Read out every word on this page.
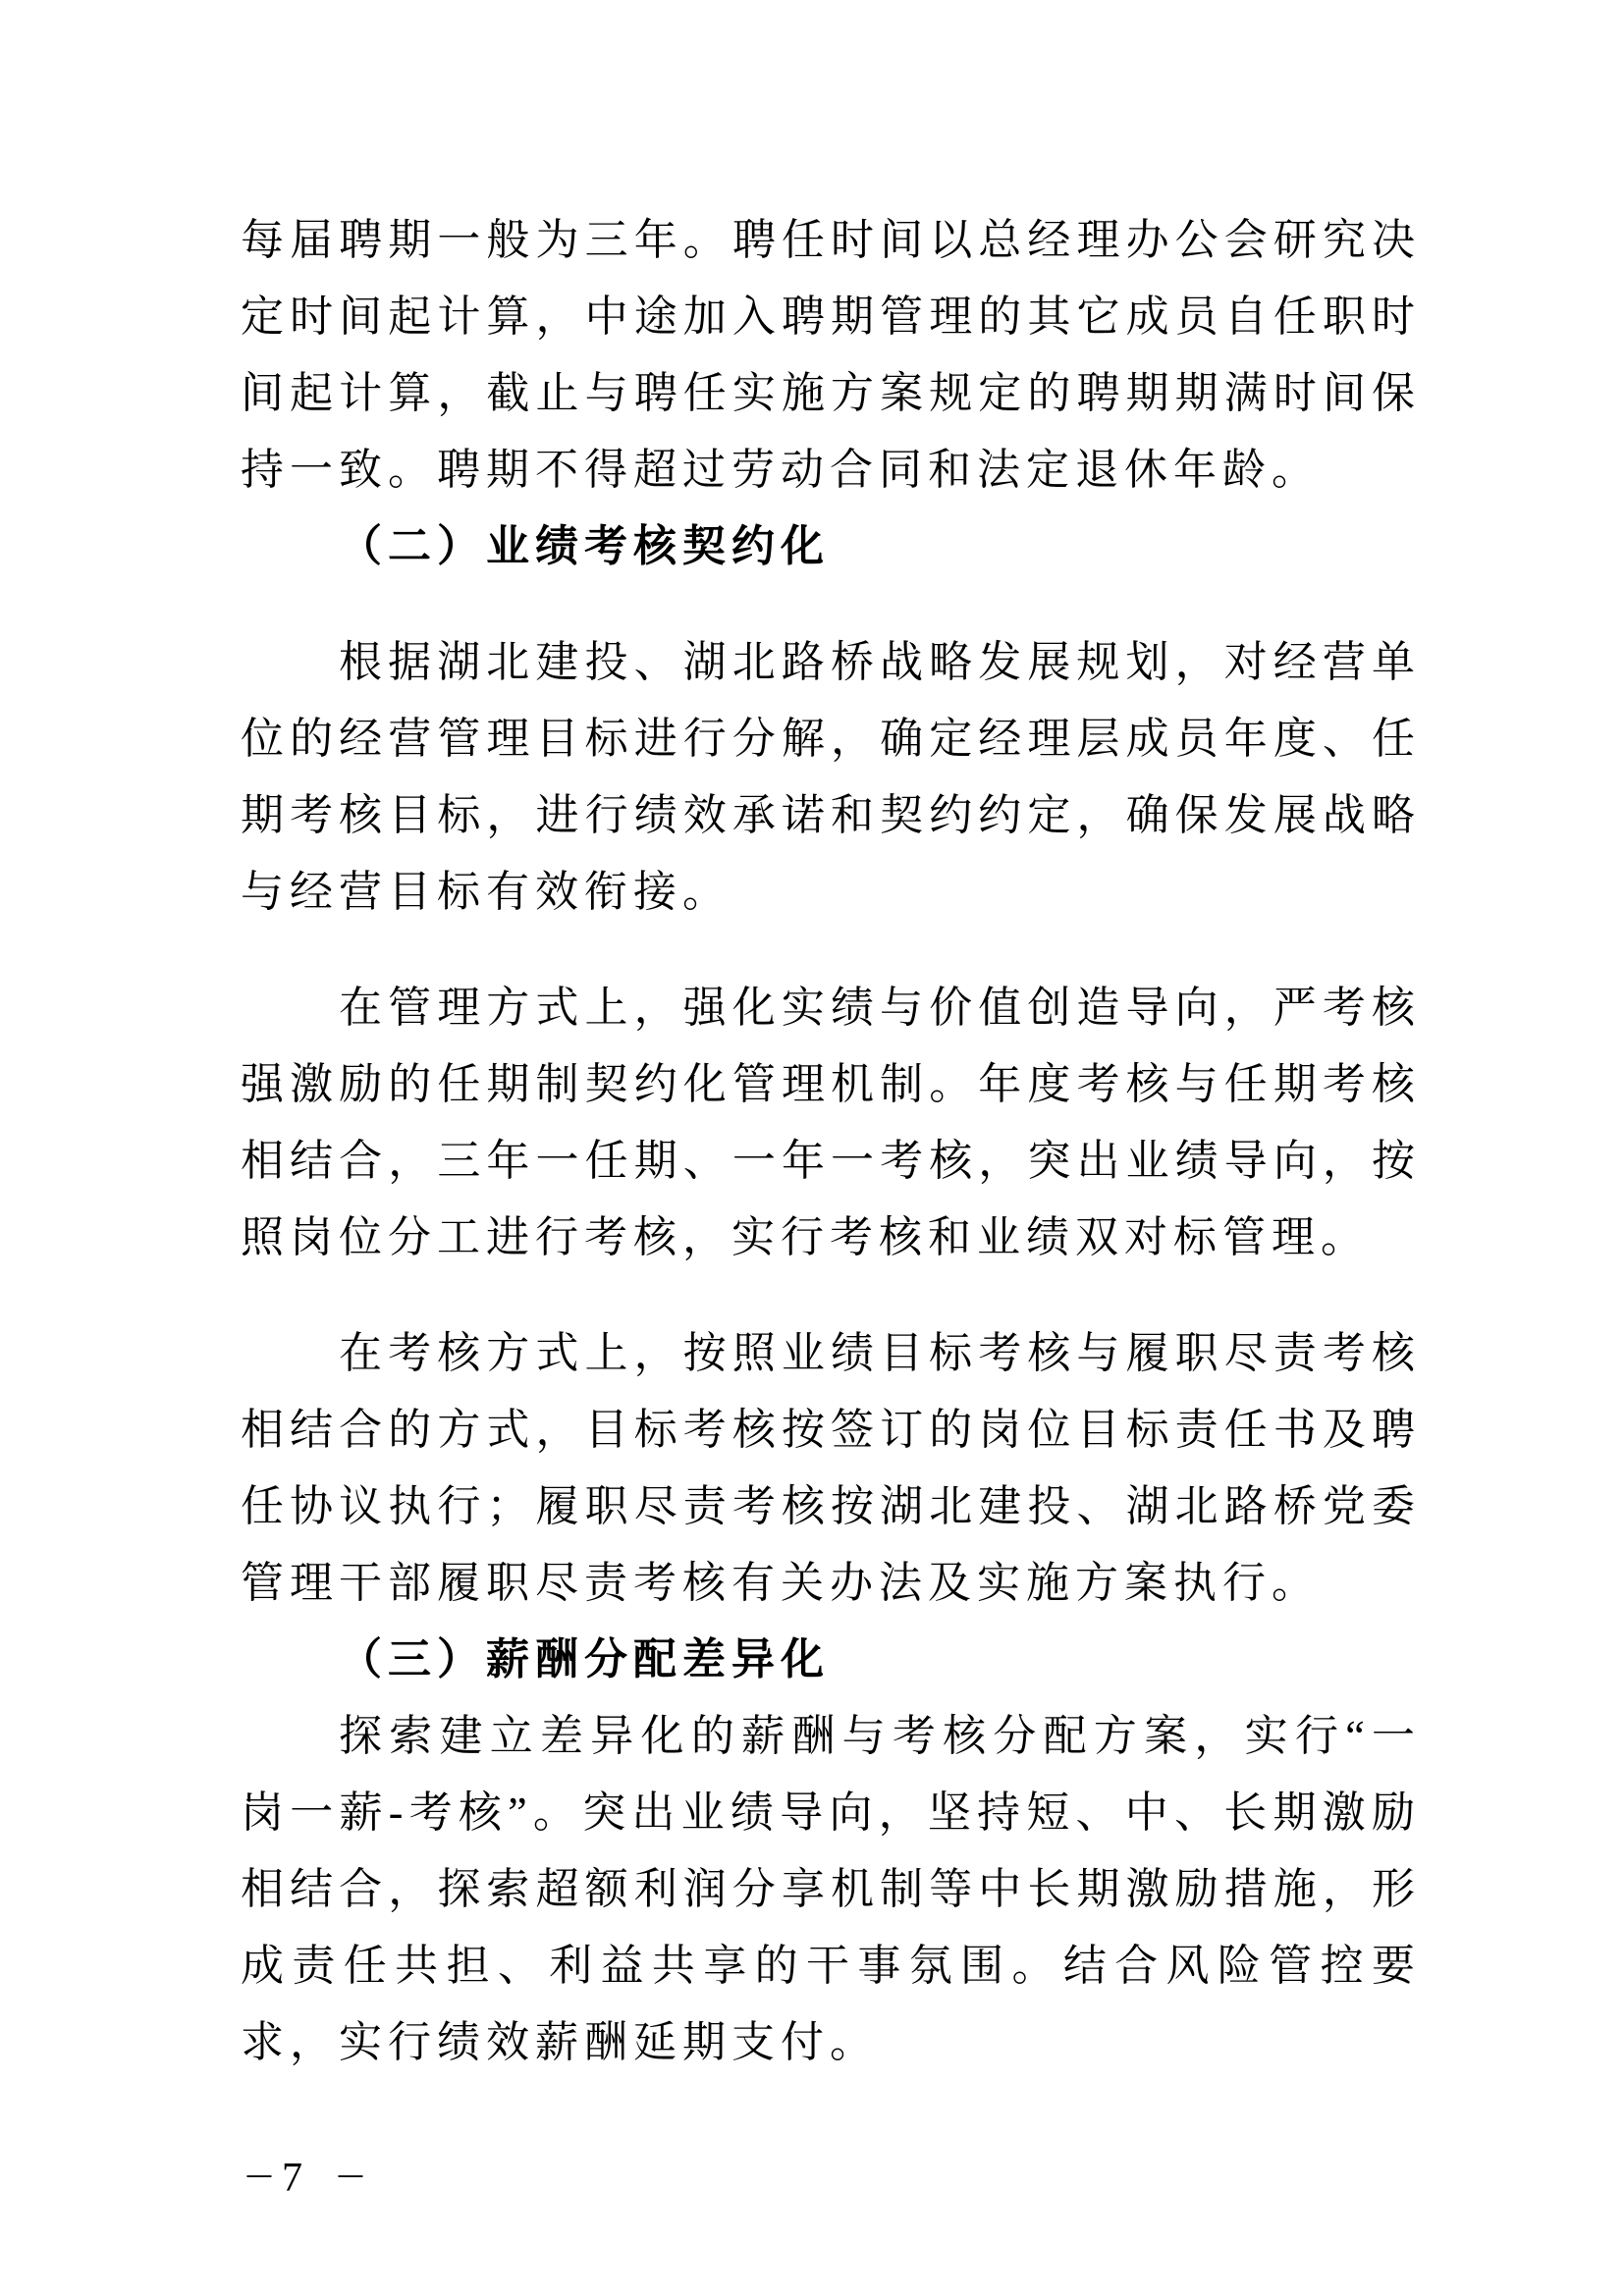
每届聘期一般为三年。聘任时间以总经理办公会研究决定时间起计算，中途加入聘期管理的其它成员自任职时间起计算，截止与聘任实施方案规定的聘期期满时间保持一致。聘期不得超过劳动合同和法定退休年龄。

（二）业绩考核契约化

根据湖北建投、湖北路桥战略发展规划，对经营单位的经营管理目标进行分解，确定经理层成员年度、任期考核目标，进行绩效承诺和契约约定，确保发展战略与经营目标有效衔接。

在管理方式上，强化实绩与价值创造导向，严考核强激励的任期制契约化管理机制。年度考核与任期考核相结合，三年一任期、一年一考核，突出业绩导向，按照岗位分工进行考核，实行考核和业绩双对标管理。

在考核方式上，按照业绩目标考核与履职尽责考核相结合的方式，目标考核按签订的岗位目标责任书及聘任协议执行；履职尽责考核按湖北建投、湖北路桥党委管理干部履职尽责考核有关办法及实施方案执行。

（三）薪酬分配差异化

探索建立差异化的薪酬与考核分配方案，实行“一岗一薪-考核”。突出业绩导向，坚持短、中、长期激励相结合，探索超额利润分享机制等中长期激励措施，形成责任共担、利益共享的干事氛围。结合风险管控要求，实行绩效薪酬延期支付。

— 7 —
